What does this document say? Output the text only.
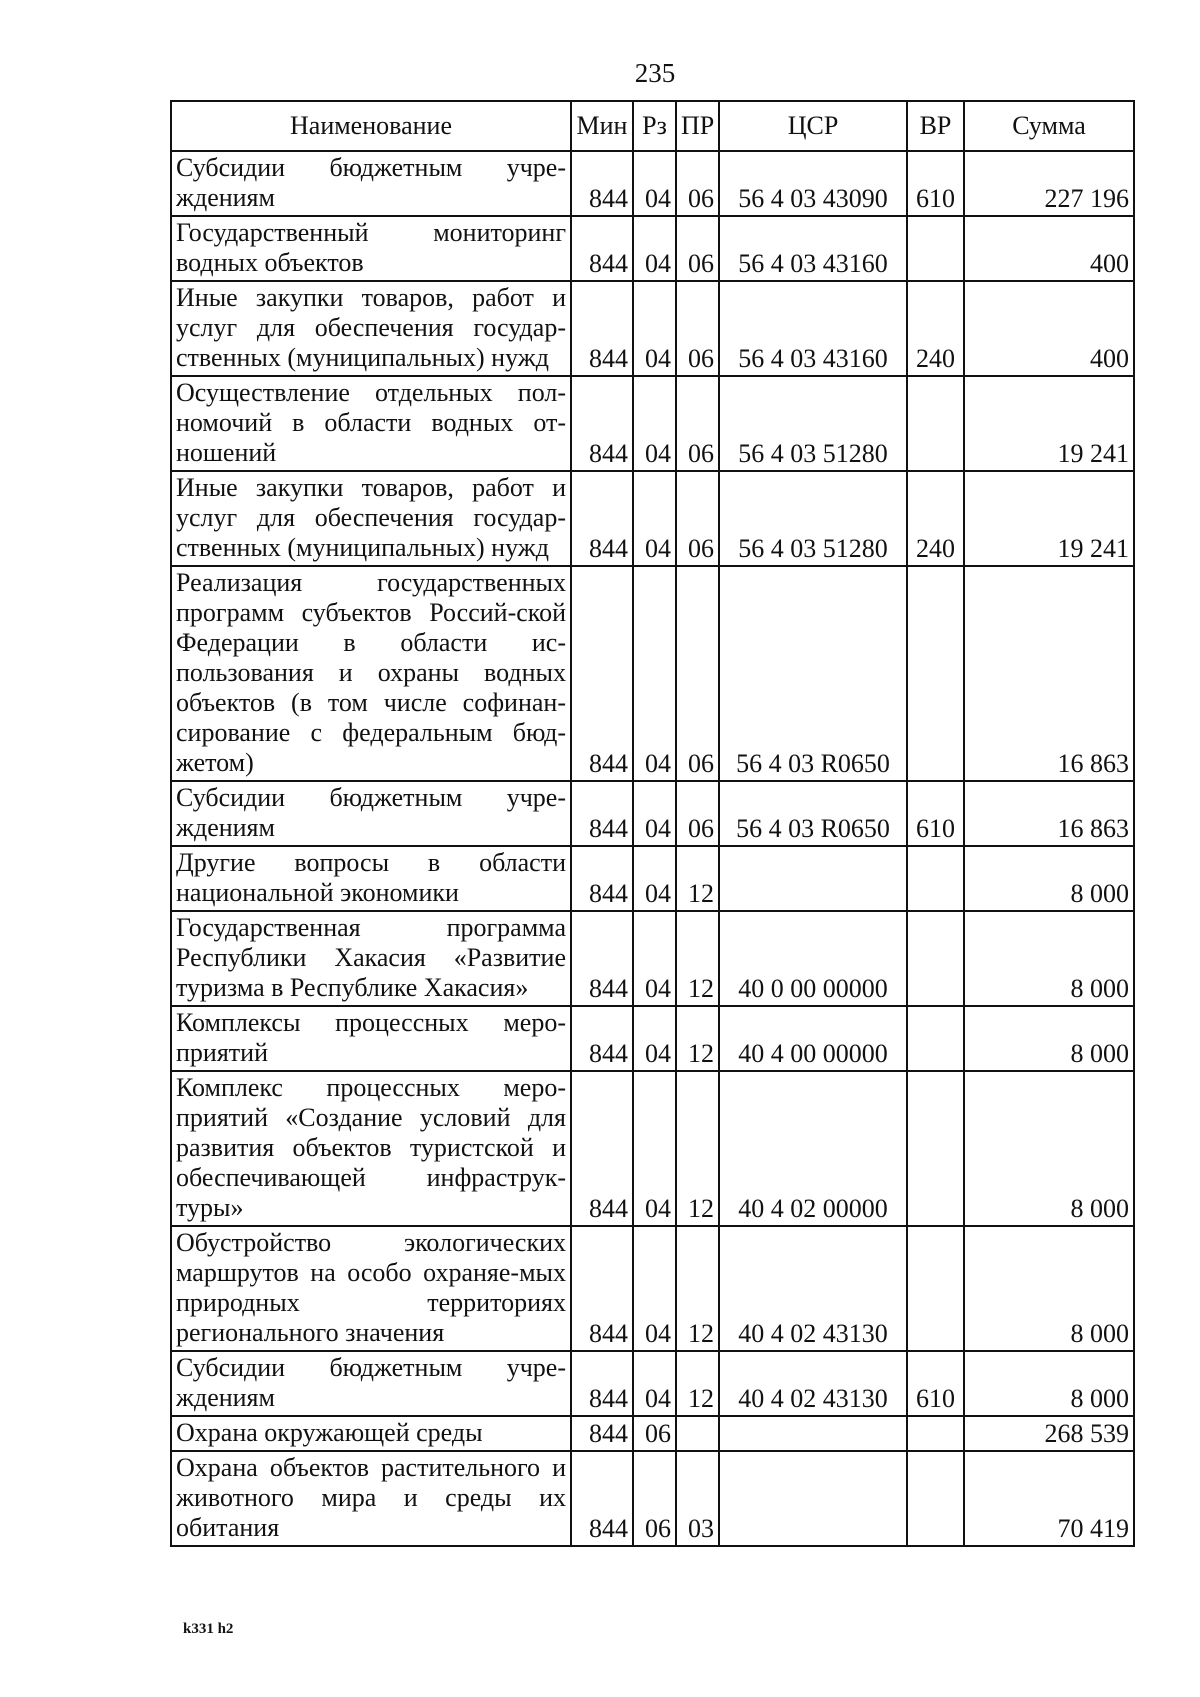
235
Наименование	Мин	Рз	ПР	ЦСР	ВР	Сумма
Субсидии бюджетным учре-ждениям	844	04	06	56 4 03 43090	610	227 196
Государственный мониторинг водных объектов	844	04	06	56 4 03 43160		400
Иные закупки товаров, работ и услуг для обеспечения государ-ственных (муниципальных) нужд	844	04	06	56 4 03 43160	240	400
Осуществление отдельных пол-номочий в области водных от-ношений	844	04	06	56 4 03 51280		19 241
Иные закупки товаров, работ и услуг для обеспечения государ-ственных (муниципальных) нужд	844	04	06	56 4 03 51280	240	19 241
Реализация государственных программ субъектов Россий-ской Федерации в области ис-пользования и охраны водных объектов (в том числе софинан-сирование с федеральным бюд-жетом)	844	04	06	56 4 03 R0650		16 863
Субсидии бюджетным учре-ждениям	844	04	06	56 4 03 R0650	610	16 863
Другие вопросы в области национальной экономики	844	04	12			8 000
Государственная программа Республики Хакасия «Развитие туризма в Республике Хакасия»	844	04	12	40 0 00 00000		8 000
Комплексы процессных меро-приятий	844	04	12	40 4 00 00000		8 000
Комплекс процессных меро-приятий «Создание условий для развития объектов туристской и обеспечивающей инфраструк-туры»	844	04	12	40 4 02 00000		8 000
Обустройство экологических маршрутов на особо охраняе-мых природных территориях регионального значения	844	04	12	40 4 02 43130		8 000
Субсидии бюджетным учре-ждениям	844	04	12	40 4 02 43130	610	8 000
Охрана окружающей среды	844	06				268 539
Охрана объектов растительного и животного мира и среды их обитания	844	06	03			70 419
k331 h2
